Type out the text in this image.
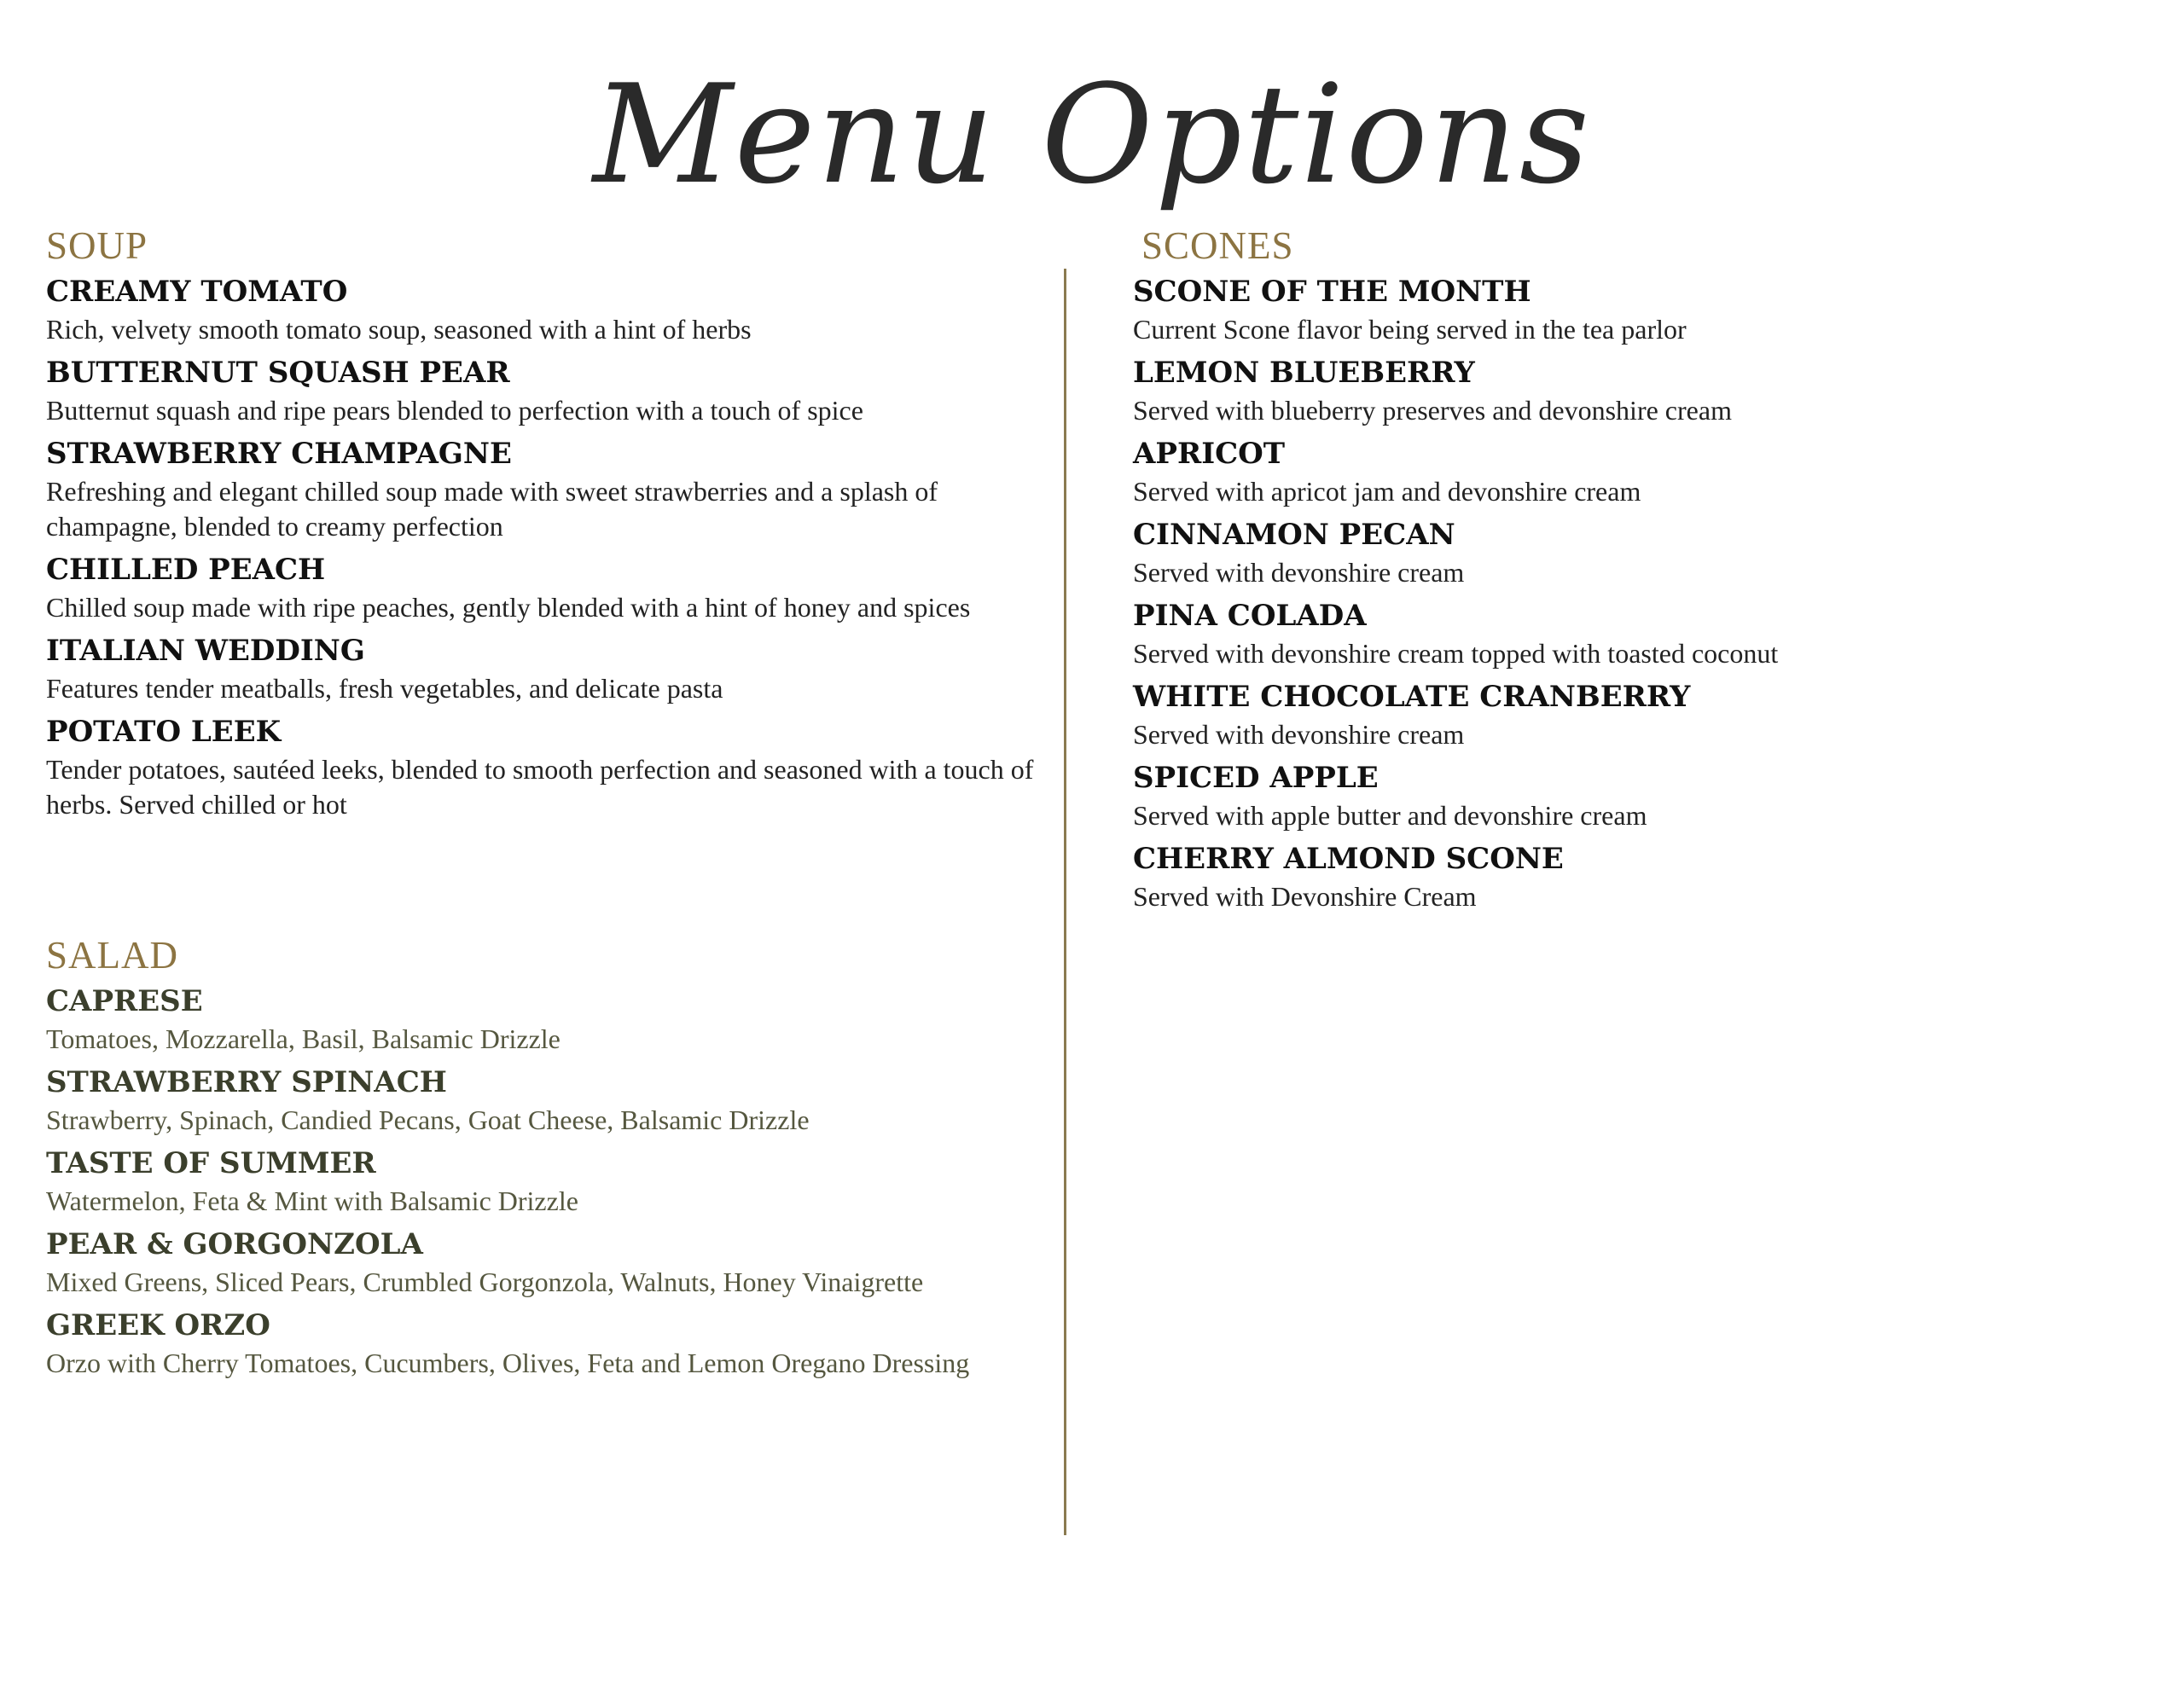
Menu Options
SOUP
CREAMY TOMATO
Rich, velvety smooth tomato soup, seasoned with a hint of herbs
BUTTERNUT SQUASH PEAR
Butternut squash and ripe pears blended to perfection with a touch of spice
STRAWBERRY CHAMPAGNE
Refreshing and elegant chilled soup made with sweet strawberries and a splash of champagne, blended to creamy perfection
CHILLED PEACH
Chilled soup made with ripe peaches, gently blended with a hint of honey and spices
ITALIAN WEDDING
Features tender meatballs, fresh vegetables, and delicate pasta
POTATO LEEK
Tender potatoes, sautéed leeks, blended to smooth perfection and seasoned with a touch of herbs. Served chilled or hot
SALAD
CAPRESE
Tomatoes, Mozzarella, Basil, Balsamic Drizzle
STRAWBERRY SPINACH
Strawberry, Spinach, Candied Pecans, Goat Cheese, Balsamic Drizzle
TASTE OF SUMMER
Watermelon, Feta & Mint with Balsamic Drizzle
PEAR & GORGONZOLA
Mixed Greens, Sliced Pears, Crumbled Gorgonzola, Walnuts, Honey Vinaigrette
GREEK ORZO
Orzo with Cherry Tomatoes, Cucumbers, Olives, Feta and Lemon Oregano Dressing
SCONES
SCONE OF THE MONTH
Current Scone flavor being served in the tea parlor
LEMON BLUEBERRY
Served with blueberry preserves and devonshire cream
APRICOT
Served with apricot jam and devonshire cream
CINNAMON PECAN
Served with devonshire cream
PINA COLADA
Served with devonshire cream topped with toasted coconut
WHITE CHOCOLATE CRANBERRY
Served with devonshire cream
SPICED APPLE
Served with apple butter and devonshire cream
CHERRY ALMOND SCONE
Served with Devonshire Cream
